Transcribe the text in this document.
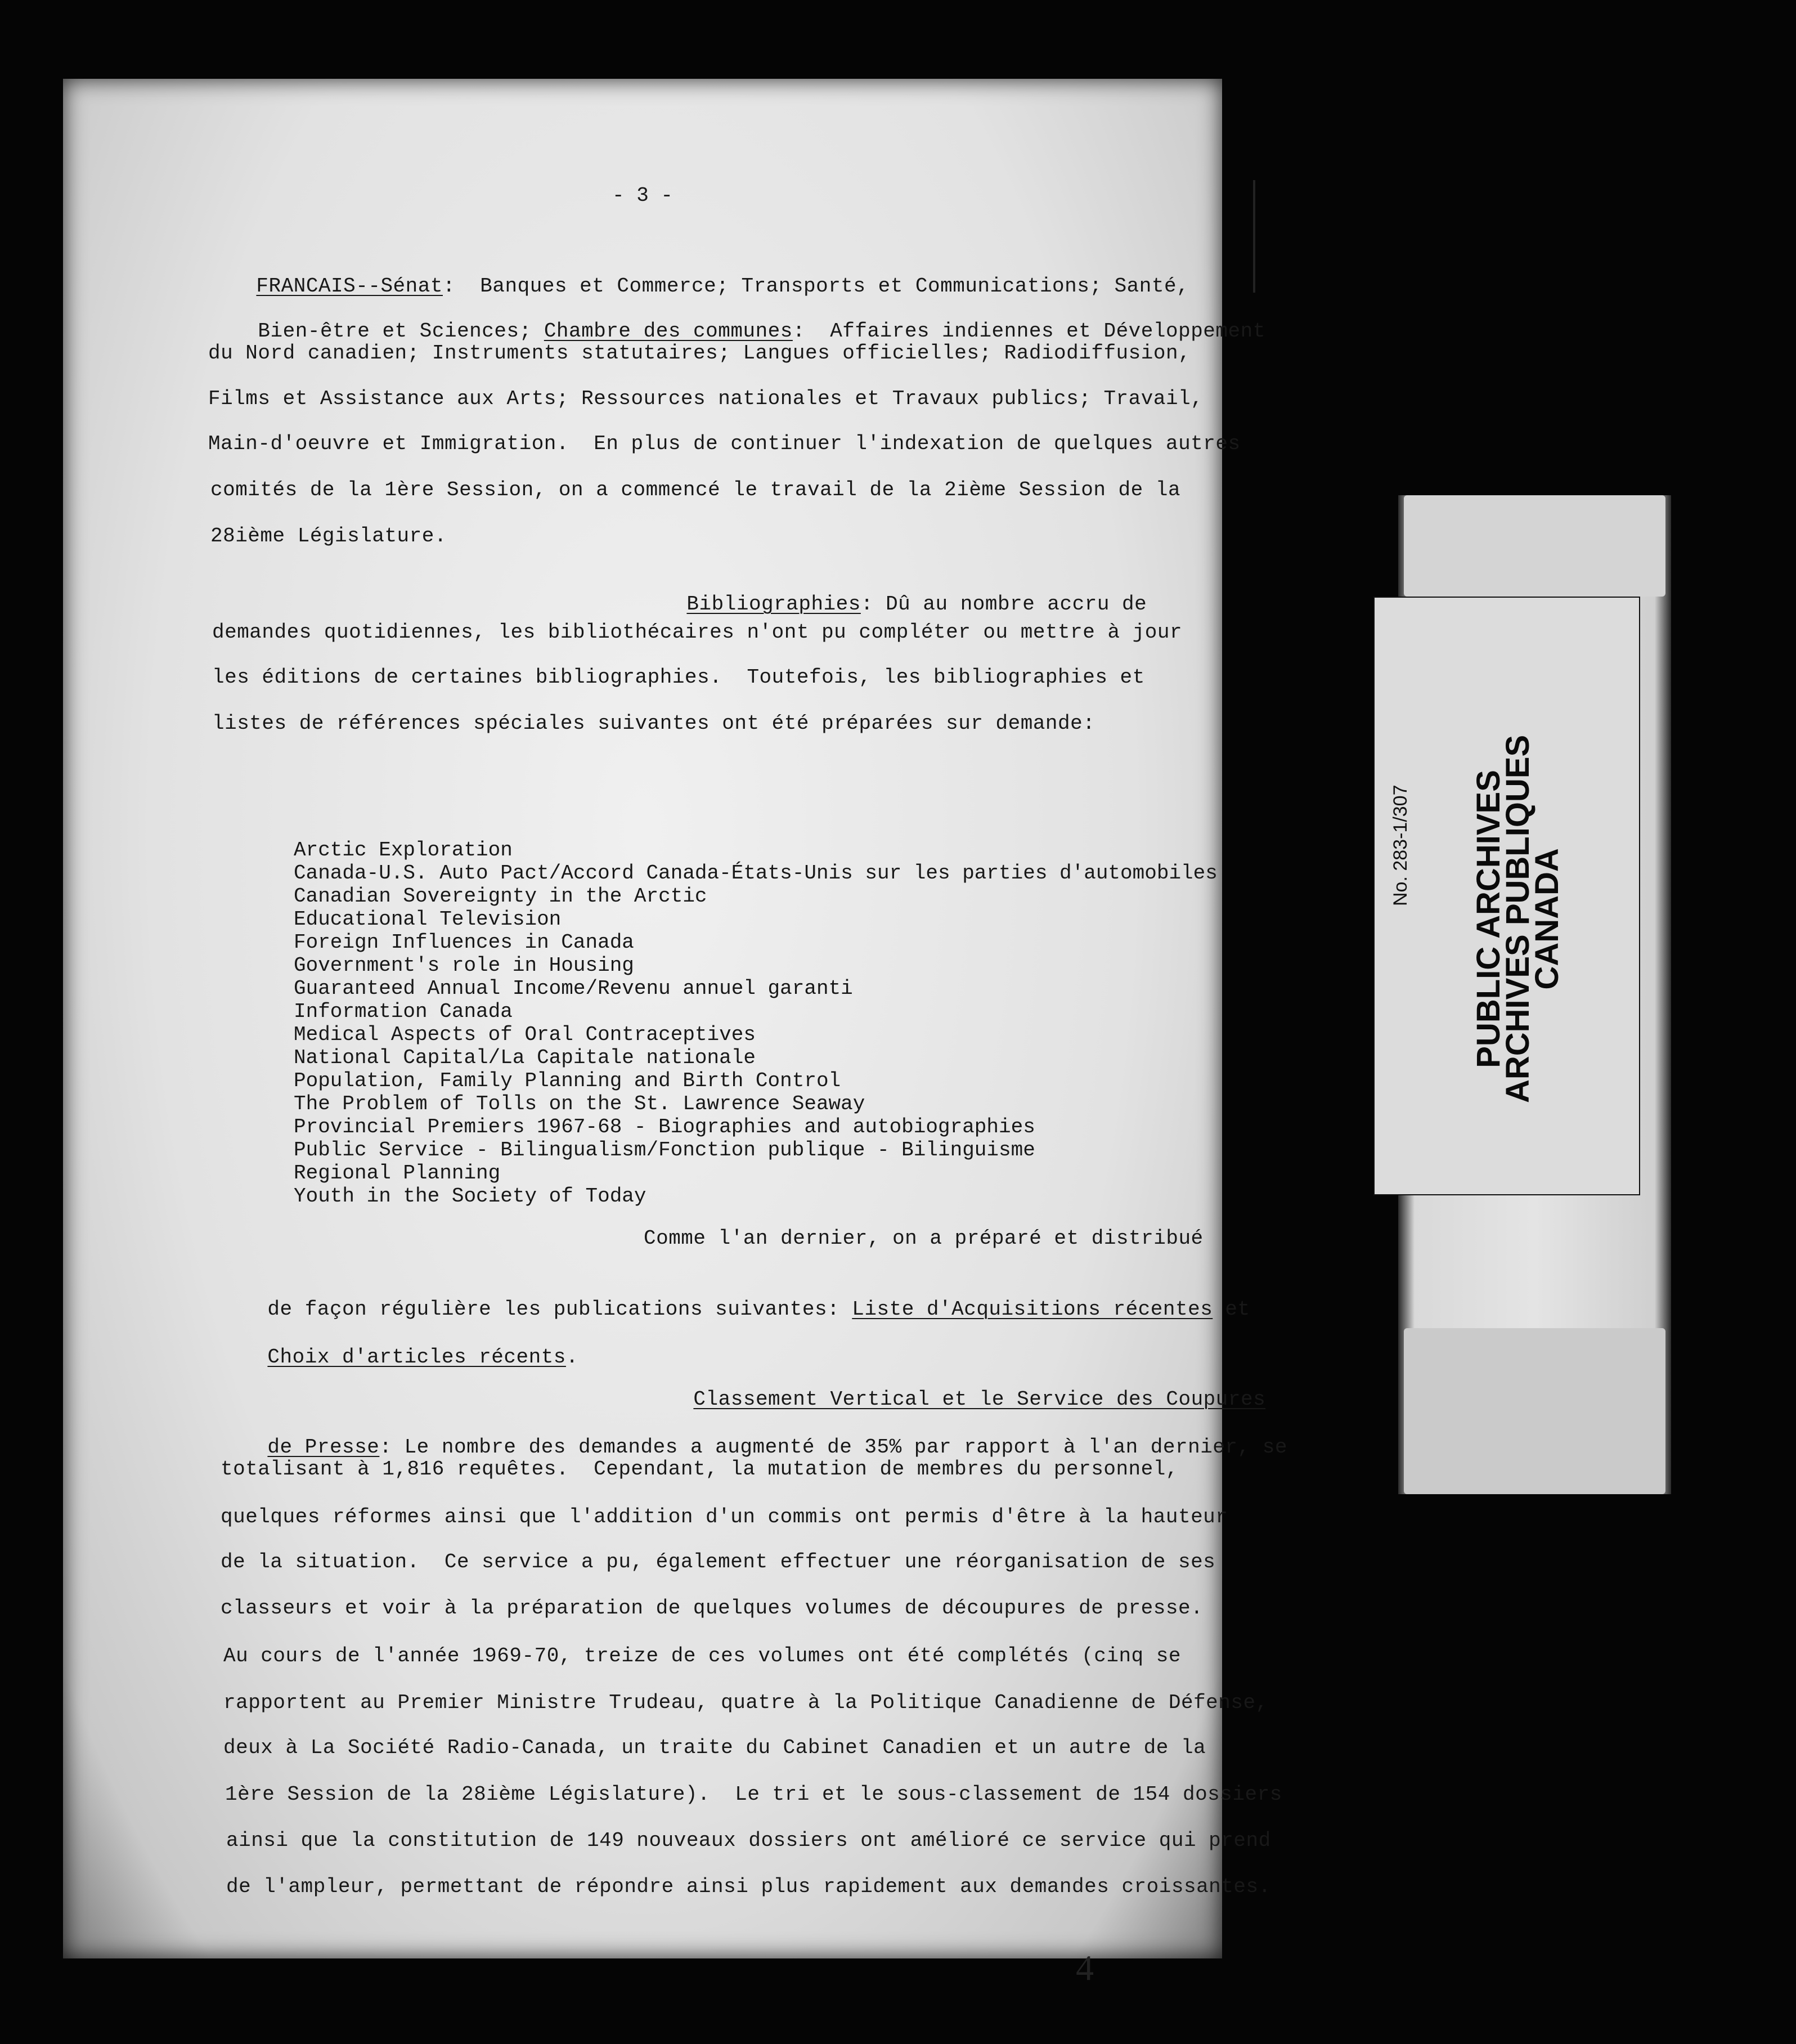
- 3 -

FRANCAIS--Sénat:  Banques et Commerce; Transports et Communications; Santé,

Bien-être et Sciences; Chambre des communes:  Affaires indiennes et Développement

du Nord canadien; Instruments statutaires; Langues officielles; Radiodiffusion,
Films et Assistance aux Arts; Ressources nationales et Travaux publics; Travail,
Main-d'oeuvre et Immigration.  En plus de continuer l'indexation de quelques autres
comités de la 1ère Session, on a commencé le travail de la 2ième Session de la
28ième Législature.

Bibliographies: Dû au nombre accru de

demandes quotidiennes, les bibliothécaires n'ont pu compléter ou mettre à jour
les éditions de certaines bibliographies.  Toutefois, les bibliographies et
listes de références spéciales suivantes ont été préparées sur demande:
Arctic Exploration
Canada-U.S. Auto Pact/Accord Canada-États-Unis sur les parties d'automobiles
Canadian Sovereignty in the Arctic
Educational Television
Foreign Influences in Canada
Government's role in Housing
Guaranteed Annual Income/Revenu annuel garanti
Information Canada
Medical Aspects of Oral Contraceptives
National Capital/La Capitale nationale
Population, Family Planning and Birth Control
The Problem of Tolls on the St. Lawrence Seaway
Provincial Premiers 1967-68 - Biographies and autobiographies
Public Service - Bilingualism/Fonction publique - Bilinguisme
Regional Planning
Youth in the Society of Today
Comme l'an dernier, on a préparé et distribué

de façon régulière les publications suivantes: Liste d'Acquisitions récentes et

Choix d'articles récents.

Classement Vertical et le Service des Coupures

de Presse: Le nombre des demandes a augmenté de 35% par rapport à l'an dernier, se

totalisant à 1,816 requêtes.  Cependant, la mutation de membres du personnel,
quelques réformes ainsi que l'addition d'un commis ont permis d'être à la hauteur
de la situation.  Ce service a pu, également effectuer une réorganisation de ses
classeurs et voir à la préparation de quelques volumes de découpures de presse.
Au cours de l'année 1969-70, treize de ces volumes ont été complétés (cinq se
rapportent au Premier Ministre Trudeau, quatre à la Politique Canadienne de Défense,
deux à La Société Radio-Canada, un traite du Cabinet Canadien et un autre de la
1ère Session de la 28ième Législature).  Le tri et le sous-classement de 154 dossiers
ainsi que la constitution de 149 nouveaux dossiers ont amélioré ce service qui prend
de l'ampleur, permettant de répondre ainsi plus rapidement aux demandes croissantes.
4
No. 283-1/307 PUBLIC ARCHIVES
ARCHIVES PUBLIQUES
CANADA
